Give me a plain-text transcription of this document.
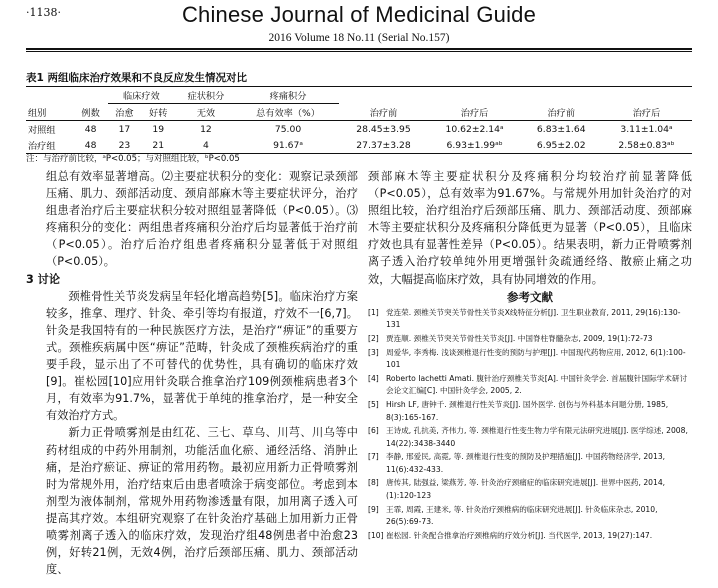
·1138·	Chinese Journal of Medicinal Guide
2016 Volume 18 No.11 (Serial No.157)
表1 两组临床治疗效果和不良反应发生情况对比
		临床疗效		症状积分	疼痛积分				
组别	例数	治愈	好转	无效	总有效率（%）	治疗前	治疗后	治疗前	治疗后
对照组	48	17	19	12	75.00	28.45±3.95	10.62±2.14ᵃ	6.83±1.64	3.11±1.04ᵃ
治疗组	48	23	21	4	91.67ᵃ	27.37±3.28	6.93±1.99ᵃᵇ	6.95±2.02	2.58±0.83ᵃᵇ
注：与治疗前比较，ᵃP<0.05；与对照组比较，ᵇP<0.05

组总有效率显著增高。⑵主要症状积分的变化：观察记录颈部压痛、肌力、颈部活动度、颈肩部麻木等主要症状评分，治疗组患者治疗后主要症状积分较对照组显著降低（P<0.05）。⑶疼痛积分的变化：两组患者疼痛积分治疗后均显著低于治疗前（P<0.05）。治疗后治疗组患者疼痛积分显著低于对照组（P<0.05）。

3 讨论

颈椎骨性关节炎发病呈年轻化增高趋势[5]。临床治疗方案较多，推拿、理疗、针灸、牵引等均有报道，疗效不一[6,7]。针灸是我国特有的一种民族医疗方法，是治疗“痹证”的重要方式。颈椎疾病属中医“痹证”范畴，针灸成了颈椎疾病治疗的重要手段，显示出了不可替代的优势性，具有确切的临床疗效[9]。崔松园[10]应用针灸联合推拿治疗109例颈椎病患者3个月，有效率为91.7%，显著优于单纯的推拿治疗，是一种安全有效治疗方式。

新力正骨喷雾剂是由红花、三七、草乌、川芎、川乌等中药材组成的中药外用制剂，功能活血化瘀、通经活络、消肿止痛，是治疗瘀证、痹证的常用药物。最初应用新力正骨喷雾剂时为常规外用，治疗结束后由患者喷涂于病变部位。考虑到本剂型为液体制剂，常规外用药物渗透量有限，加用离子透入可提高其疗效。本组研究观察了在针灸治疗基础上加用新力正骨喷雾剂离子透入的临床疗效，发现治疗组48例患者中治愈23例，好转21例，无效4例，治疗后颈部压痛、肌力、颈部活动度、

颈部麻木等主要症状积分及疼痛积分均较治疗前显著降低（P<0.05），总有效率为91.67%。与常规外用加针灸治疗的对照组比较，治疗组治疗后颈部压痛、肌力、颈部活动度、颈部麻木等主要症状积分及疼痛积分降低更为显著（P<0.05），且临床疗效也具有显著性差异（P<0.05）。结果表明，新力正骨喷雾剂离子透入治疗较单纯外用更增强针灸疏通经络、散瘀止痛之功效，大幅提高临床疗效，具有协同增效的作用。

参考文献
[1] 党连荣. 颈椎关节突关节骨性关节炎X线特征分析[J]. 卫生职业教育, 2011, 29(16):130-131
[2] 贾连顺. 颈椎关节突关节骨性关节炎[J]. 中国脊柱脊髓杂志, 2009, 19(1):72-73
[3] 周爱华, 李秀梅. 浅谈颈椎退行性变的预防与护理[J]. 中国现代药物应用, 2012, 6(1):100-101
[4] Roberto Iachetti Amati. 腹针治疗颈椎关节炎[A]. 中国针灸学会. 首届腹针国际学术研讨会论文汇编[C]. 中国针灸学会, 2005, 2.
[5] Hirsh LF, 唐钟千. 颈椎退行性关节炎[J]. 国外医学. 创伤与外科基本问题分册, 1985, 8(3):165-167.
[6] 王诗成, 孔抗美, 齐伟力, 等. 颈椎退行性变生物力学有限元法研究进展[J]. 医学综述, 2008, 14(22):3438-3440
[7] 李静, 邢爱民, 高霓, 等. 颈椎退行性变的预防及护理措施[J]. 中国药物经济学, 2013, 11(6):432-433.
[8] 唐传其, 陆强益, 梁燕芳, 等. 针灸治疗颈痛症的临床研究进展[J]. 世界中医药, 2014, (1):120-123
[9] 王霏, 周霞, 王建米, 等. 针灸治疗颈椎病的临床研究进展[J]. 针灸临床杂志, 2010, 26(5):69-73.
[10] 崔松园. 针灸配合推拿治疗颈椎病的疗效分析[J]. 当代医学, 2013, 19(27):147.
